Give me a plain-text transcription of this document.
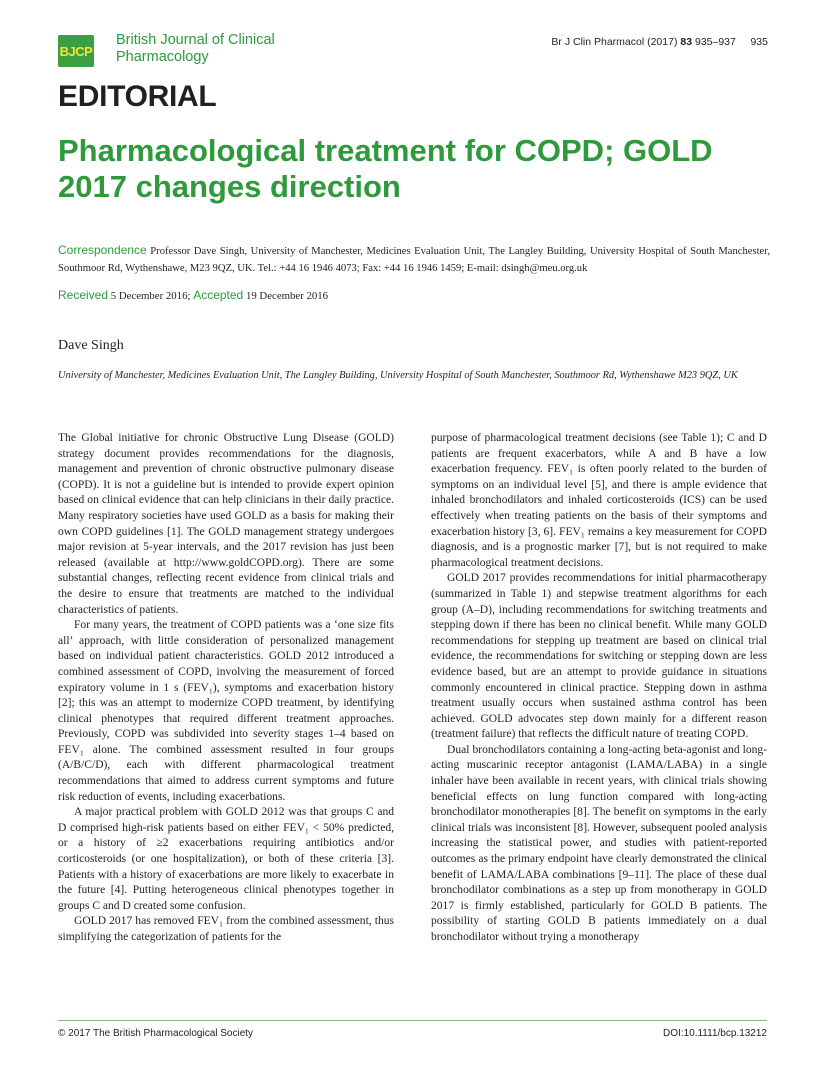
BJCP
British Journal of Clinical
Pharmacology
Br J Clin Pharmacol (2017) 83 935–937 935
EDITORIAL
Pharmacological treatment for COPD; GOLD 2017 changes direction
Correspondence Professor Dave Singh, University of Manchester, Medicines Evaluation Unit, The Langley Building, University Hospital of South Manchester, Southmoor Rd, Wythenshawe, M23 9QZ, UK. Tel.: +44 16 1946 4073; Fax: +44 16 1946 1459; E-mail: dsingh@meu.org.uk
Received 5 December 2016; Accepted 19 December 2016
Dave Singh
University of Manchester, Medicines Evaluation Unit, The Langley Building, University Hospital of South Manchester, Southmoor Rd, Wythenshawe M23 9QZ, UK

The Global initiative for chronic Obstructive Lung Disease (GOLD) strategy document provides recommendations for the diagnosis, management and prevention of chronic obstructive pulmonary disease (COPD). It is not a guideline but is intended to provide expert opinion based on clinical evidence that can help clinicians in their daily practice. Many respiratory societies have used GOLD as a basis for making their own COPD guidelines [1]. The GOLD management strategy undergoes major revision at 5-year intervals, and the 2017 revision has just been released (available at http://www.goldCOPD.org). There are some substantial changes, reflecting recent evidence from clinical trials and the desire to ensure that treatments are matched to the individual characteristics of patients.

For many years, the treatment of COPD patients was a ‘one size fits all’ approach, with little consideration of personalized management based on individual patient characteristics. GOLD 2012 introduced a combined assessment of COPD, involving the measurement of forced expiratory volume in 1 s (FEV₁), symptoms and exacerbation history [2]; this was an attempt to modernize COPD treatment, by identifying clinical phenotypes that required different treatment approaches. Previously, COPD was subdivided into severity stages 1–4 based on FEV₁ alone. The combined assessment resulted in four groups (A/B/C/D), each with different pharmacological treatment recommendations that aimed to address current symptoms and future risk reduction of events, including exacerbations.

A major practical problem with GOLD 2012 was that groups C and D comprised high-risk patients based on either FEV₁ < 50% predicted, or a history of ≥2 exacerbations requiring antibiotics and/or corticosteroids (or one hospitalization), or both of these criteria [3]. Patients with a history of exacerbations are more likely to exacerbate in the future [4]. Putting heterogeneous clinical phenotypes together in groups C and D created some confusion.

GOLD 2017 has removed FEV₁ from the combined assessment, thus simplifying the categorization of patients for the

purpose of pharmacological treatment decisions (see Table 1); C and D patients are frequent exacerbators, while A and B have a low exacerbation frequency. FEV₁ is often poorly related to the burden of symptoms on an individual level [5], and there is ample evidence that inhaled bronchodilators and inhaled corticosteroids (ICS) can be used effectively when treating patients on the basis of their symptoms and exacerbation history [3, 6]. FEV₁ remains a key measurement for COPD diagnosis, and is a prognostic marker [7], but is not required to make pharmacological treatment decisions.

GOLD 2017 provides recommendations for initial pharmacotherapy (summarized in Table 1) and stepwise treatment algorithms for each group (A–D), including recommendations for switching treatments and stepping down if there has been no clinical benefit. While many GOLD recommendations for stepping up treatment are based on clinical trial evidence, the recommendations for switching or stepping down are less evidence based, but are an attempt to provide guidance in situations commonly encountered in clinical practice. Stepping down in asthma treatment usually occurs when sustained asthma control has been achieved. GOLD advocates step down mainly for a different reason (treatment failure) that reflects the difficult nature of treating COPD.

Dual bronchodilators containing a long-acting beta-agonist and long-acting muscarinic receptor antagonist (LAMA/LABA) in a single inhaler have been available in recent years, with clinical trials showing beneficial effects on lung function compared with long-acting bronchodilator monotherapies [8]. The benefit on symptoms in the early clinical trials was inconsistent [8]. However, subsequent pooled analysis increasing the statistical power, and studies with patient-reported outcomes as the primary endpoint have clearly demonstrated the clinical benefit of LAMA/LABA combinations [9–11]. The place of these dual bronchodilator combinations as a step up from monotherapy in GOLD 2017 is firmly established, particularly for GOLD B patients. The possibility of starting GOLD B patients immediately on a dual bronchodilator without trying a monotherapy

© 2017 The British Pharmacological Society	DOI:10.1111/bcp.13212
